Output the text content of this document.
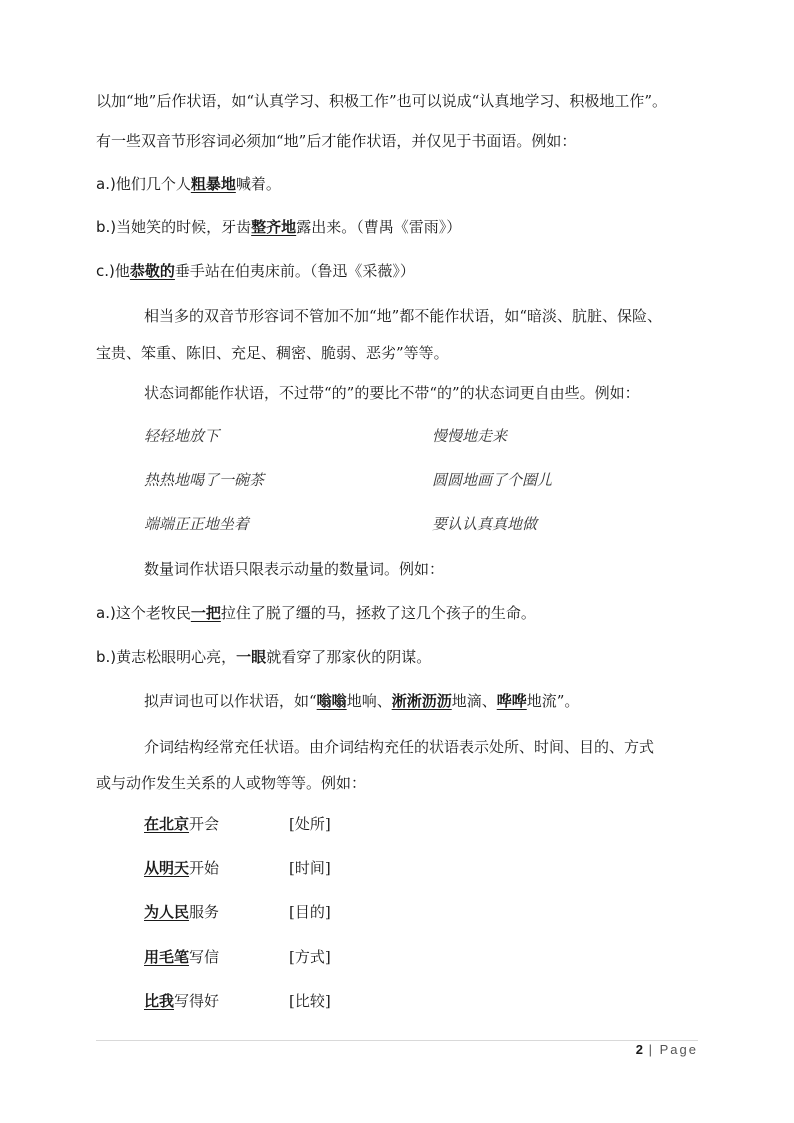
以加“地”后作状语，如“认真学习、积极工作”也可以说成“认真地学习、积极地工作”。
有一些双音节形容词必须加“地”后才能作状语，并仅见于书面语。例如：
a.)他们几个人粗暴地喊着。
b.)当她笑的时候，牙齿整齐地露出来。（曹禺《雷雨》）
c.)他恭敬的垂手站在伯夷床前。（鲁迅《采薇》）
相当多的双音节形容词不管加不加“地”都不能作状语，如“暗淡、肮脏、保险、
宝贵、笨重、陈旧、充足、稠密、脆弱、恶劣”等等。
状态词都能作状语，不过带“的”的要比不带“的”的状态词更自由些。例如：
轻轻地放下	慢慢地走来
热热地喝了一碗茶	圆圆地画了个圈儿
端端正正地坐着	要认认真真地做
数量词作状语只限表示动量的数量词。例如：
a.)这个老牧民一把拉住了脱了缰的马，拯救了这几个孩子的生命。
b.)黄志松眼明心亮，一眼就看穿了那家伙的阴谋。
拟声词也可以作状语，如“嗡嗡地响、淅淅沥沥地滴、哗哗地流”。
介词结构经常充任状语。由介词结构充任的状语表示处所、时间、目的、方式
或与动作发生关系的人或物等等。例如：
在北京开会	[处所]
从明天开始	[时间]
为人民服务	[目的]
用毛笔写信	[方式]
比我写得好	[比较]
2 | Page
